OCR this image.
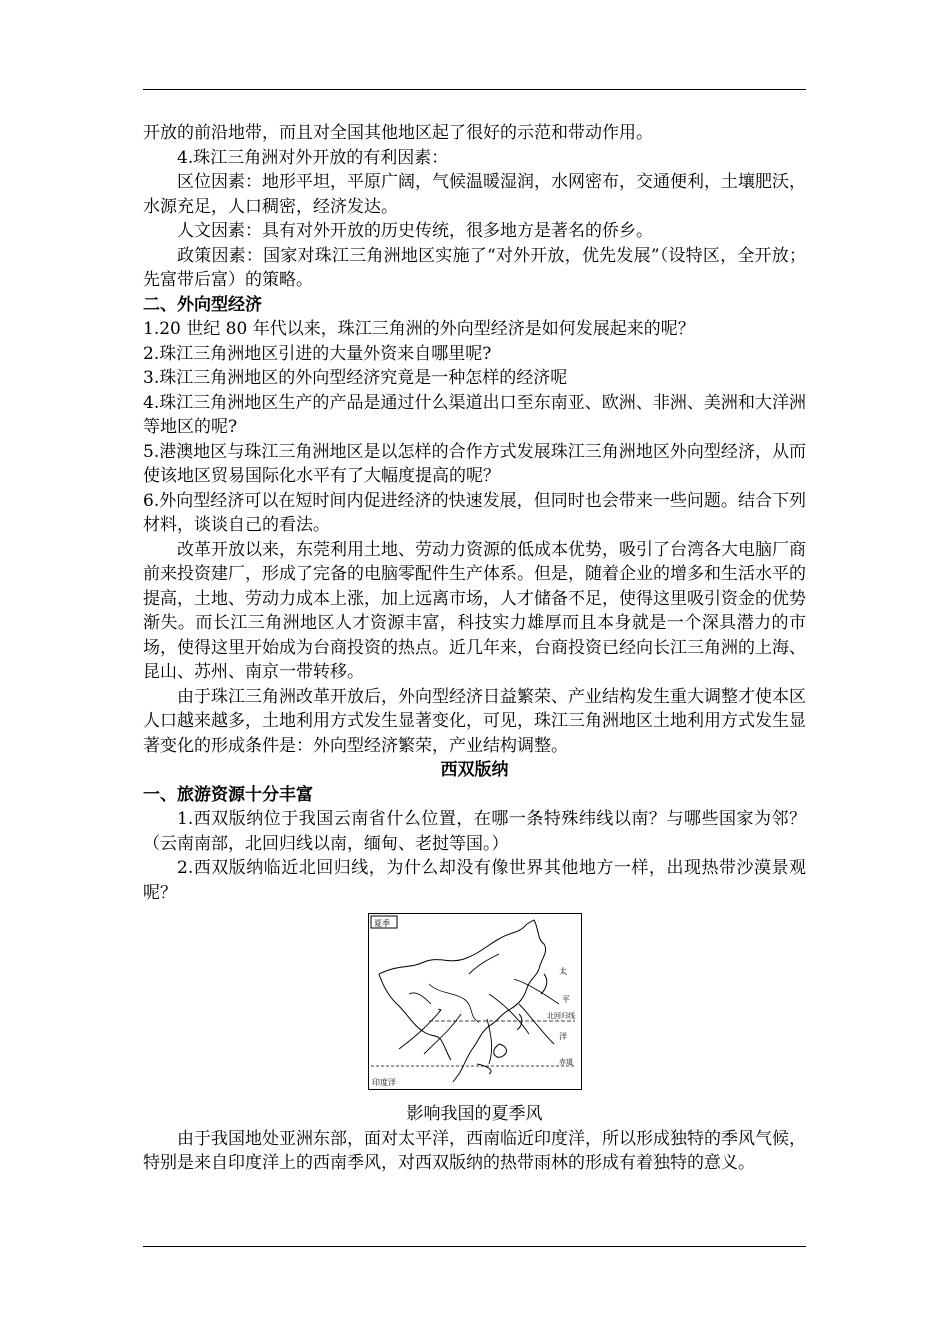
开放的前沿地带，而且对全国其他地区起了很好的示范和带动作用。

4.珠江三角洲对外开放的有利因素：

区位因素：地形平坦，平原广阔，气候温暖湿润，水网密布，交通便利，土壤肥沃，水源充足，人口稠密，经济发达。

人文因素：具有对外开放的历史传统，很多地方是著名的侨乡。

政策因素：国家对珠江三角洲地区实施了“对外开放，优先发展”（设特区，全开放；先富带后富）的策略。

二、外向型经济

1.20 世纪 80 年代以来，珠江三角洲的外向型经济是如何发展起来的呢？

2.珠江三角洲地区引进的大量外资来自哪里呢?

3.珠江三角洲地区的外向型经济究竟是一种怎样的经济呢

4.珠江三角洲地区生产的产品是通过什么渠道出口至东南亚、欧洲、非洲、美洲和大洋洲等地区的呢?

5.港澳地区与珠江三角洲地区是以怎样的合作方式发展珠江三角洲地区外向型经济，从而使该地区贸易国际化水平有了大幅度提高的呢？

6.外向型经济可以在短时间内促进经济的快速发展，但同时也会带来一些问题。结合下列材料，谈谈自己的看法。

改革开放以来，东莞利用土地、劳动力资源的低成本优势，吸引了台湾各大电脑厂商前来投资建厂，形成了完备的电脑零配件生产体系。但是，随着企业的增多和生活水平的提高，土地、劳动力成本上涨，加上远离市场，人才储备不足，使得这里吸引资金的优势渐失。而长江三角洲地区人才资源丰富，科技实力雄厚而且本身就是一个深具潜力的市场，使得这里开始成为台商投资的热点。近几年来，台商投资已经向长江三角洲的上海、昆山、苏州、南京一带转移。

由于珠江三角洲改革开放后，外向型经济日益繁荣、产业结构发生重大调整才使本区人口越来越多，土地利用方式发生显著变化，可见，珠江三角洲地区土地利用方式发生显著变化的形成条件是：外向型经济繁荣，产业结构调整。

西双版纳
一、旅游资源十分丰富

1.西双版纳位于我国云南省什么位置，在哪一条特殊纬线以南？与哪些国家为邻？（云南南部，北回归线以南，缅甸、老挝等国。）

2.西双版纳临近北回归线，为什么却没有像世界其他地方一样，出现热带沙漠景观呢？

夏季
北回归线
赤道
太
平
洋
印度洋

影响我国的夏季风

由于我国地处亚洲东部，面对太平洋，西南临近印度洋，所以形成独特的季风气候，特别是来自印度洋上的西南季风，对西双版纳的热带雨林的形成有着独特的意义。
